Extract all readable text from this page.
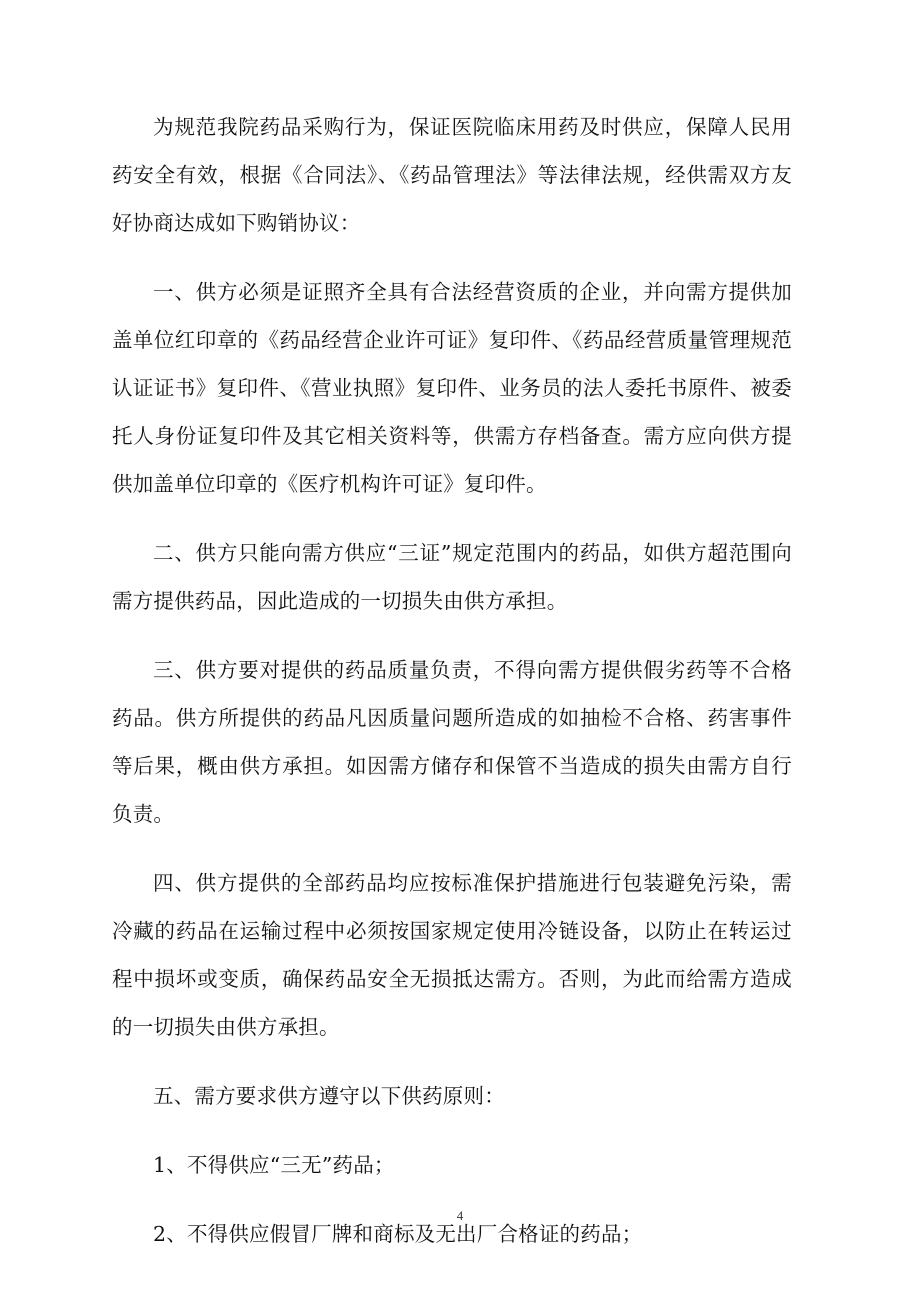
为规范我院药品采购行为，保证医院临床用药及时供应，保障人民用药安全有效，根据《合同法》、《药品管理法》等法律法规，经供需双方友好协商达成如下购销协议：

一、供方必须是证照齐全具有合法经营资质的企业，并向需方提供加盖单位红印章的《药品经营企业许可证》复印件、《药品经营质量管理规范认证证书》复印件、《营业执照》复印件、业务员的法人委托书原件、被委托人身份证复印件及其它相关资料等，供需方存档备查。需方应向供方提供加盖单位印章的《医疗机构许可证》复印件。

二、供方只能向需方供应“三证”规定范围内的药品，如供方超范围向需方提供药品，因此造成的一切损失由供方承担。

三、供方要对提供的药品质量负责，不得向需方提供假劣药等不合格药品。供方所提供的药品凡因质量问题所造成的如抽检不合格、药害事件等后果，概由供方承担。如因需方储存和保管不当造成的损失由需方自行负责。

四、供方提供的全部药品均应按标准保护措施进行包装避免污染，需冷藏的药品在运输过程中必须按国家规定使用冷链设备，以防止在转运过程中损坏或变质，确保药品安全无损抵达需方。否则，为此而给需方造成的一切损失由供方承担。

五、需方要求供方遵守以下供药原则：

1、不得供应“三无”药品；

2、不得供应假冒厂牌和商标及无出厂合格证的药品；

4
